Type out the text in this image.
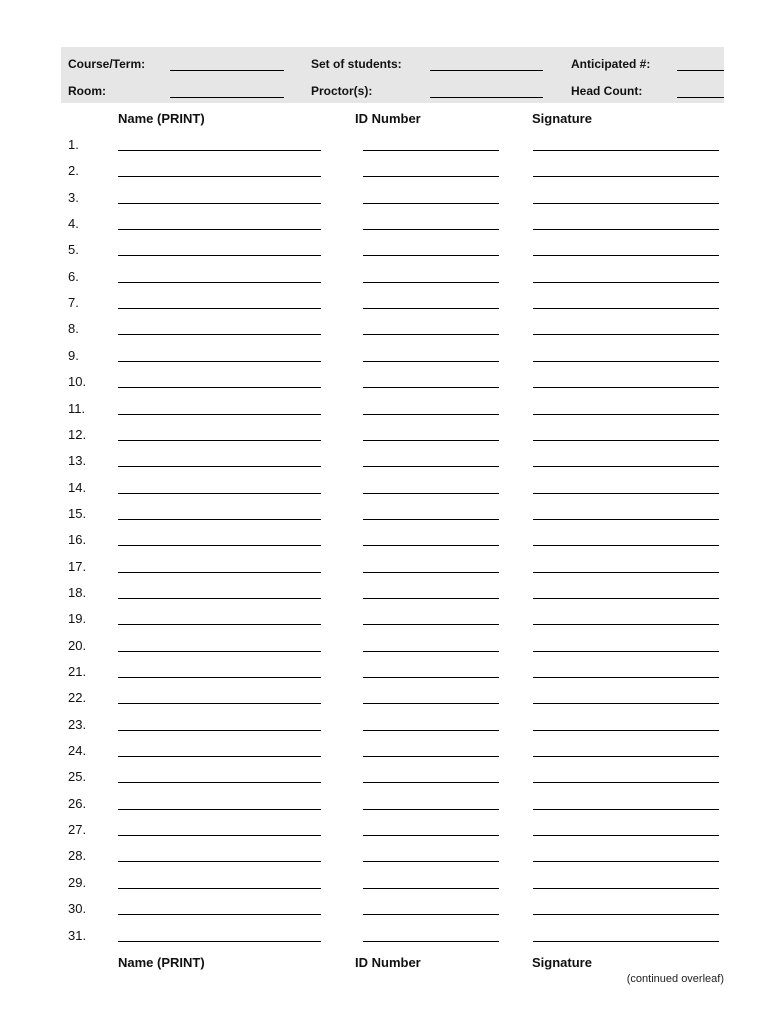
Course/Term:	Set of students:	Anticipated #:
Room:	Proctor(s):	Head Count:
Name (PRINT)	ID Number	Signature
1.
2.
3.
4.
5.
6.
7.
8.
9.
10.
11.
12.
13.
14.
15.
16.
17.
18.
19.
20.
21.
22.
23.
24.
25.
26.
27.
28.
29.
30.
31.
Name (PRINT)	ID Number	Signature
(continued overleaf)
